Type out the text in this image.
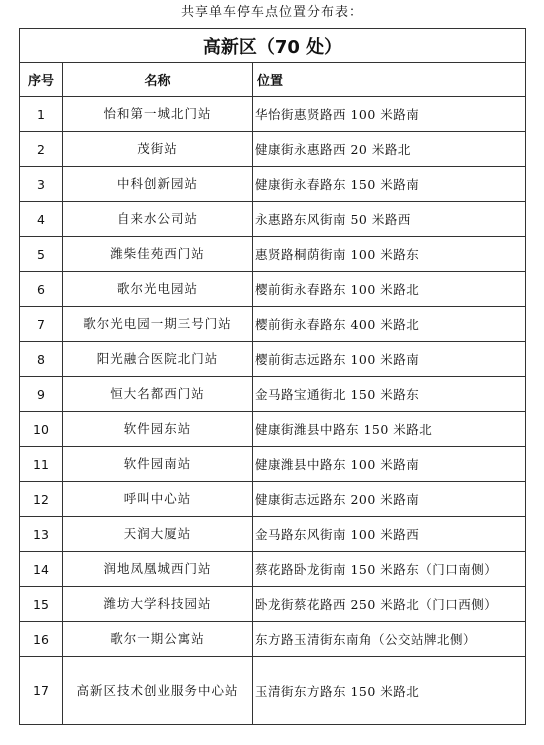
共享单车停车点位置分布表：
高新区（70 处）		
序号	名称	位置
1	怡和第一城北门站	华怡街惠贤路西 100 米路南
2	茂街站	健康街永惠路西 20 米路北
3	中科创新园站	健康街永春路东 150 米路南
4	自来水公司站	永惠路东风街南 50 米路西
5	潍柴佳苑西门站	惠贤路桐荫街南 100 米路东
6	歌尔光电园站	樱前街永春路东 100 米路北
7	歌尔光电园一期三号门站	樱前街永春路东 400 米路北
8	阳光融合医院北门站	樱前街志远路东 100 米路南
9	恒大名都西门站	金马路宝通街北 150 米路东
10	软件园东站	健康街潍县中路东 150 米路北
11	软件园南站	健康潍县中路东 100 米路南
12	呼叫中心站	健康街志远路东 200 米路南
13	天润大厦站	金马路东风街南 100 米路西
14	润地凤凰城西门站	蔡花路卧龙街南 150 米路东（门口南侧）
15	潍坊大学科技园站	卧龙街蔡花路西 250 米路北（门口西侧）
16	歌尔一期公寓站	东方路玉清街东南角（公交站牌北侧）
17	高新区技术创业服务中心站	玉清街东方路东 150 米路北
